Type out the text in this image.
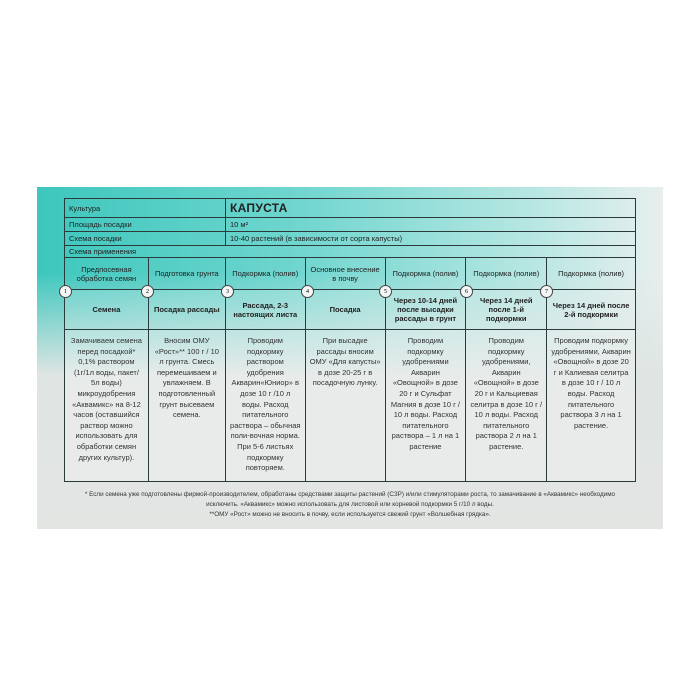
Культура	КАПУСТА
Площадь посадки	10 м²
Схема посадки	10-40 растений (в зависимости от сорта капусты)
Схема применения						
Предпосевная обработка семян	Подготовка грунта	Подкормка (полив)	Основное внесение в почву	Подкормка (полив)	Подкормка (полив)	Подкормка (полив)
Семена	Посадка рассады	Рассада, 2-3 настоящих листа	Посадка	Через 10-14 дней после высадки рассады в грунт	Через 14 дней после 1-й подкормки	Через 14 дней после 2-й подкормки
Замачиваем семена перед посадкой* 0,1% раствором (1г/1л воды, пакет/ 5л воды) микроудобрения «Аквамикс» на 8-12 часов (оставшийся раствор можно использовать для обработки семян других культур).	Вносим ОМУ «Рост»** 100 г / 10 л грунта. Смесь перемешиваем и увлажняем. В подготовленный грунт высеваем семена.	Проводим подкормку раствором удобрения Акварин«Юниор» в дозе 10 г /10 л воды. Расход питательного раствора – обычная поли-вочная норма. При 5-6 листьях подкормку повторяем.	При высадке рассады вносим ОМУ «Для капусты» в дозе 20-25 г в посадочную лунку.	Проводим подкормку удобрениями Акварин «Овощной» в дозе 20 г и Сульфат Магния в дозе 10 г / 10 л воды. Расход питательного раствора – 1 л на 1 растение	Проводим подкормку удобрениями, Акварин «Овощной» в дозе 20 г и Кальциевая селитра в дозе 10 г / 10 л воды. Расход питательного раствора 2 л на 1 растение.	Проводим подкормку удобрениями, Акварин «Овощной» в дозе 20 г и Калиевая селитра в дозе 10 г / 10 л воды. Расход питательного раствора 3 л на 1 растение.
1	2	3	4	5	6	7
* Если семена уже подготовлены фирмой-производителем, обработаны средствами защиты растений (СЗР) и/или стимуляторами роста, то замачивание в «Аквамикс» необходимо исключить. «Аквамикс» можно использовать для листовой или корневой подкормки 5 г/10 л воды.
**ОМУ «Рост» можно не вносить в почву, если используется свежий грунт «Волшебная грядка».
